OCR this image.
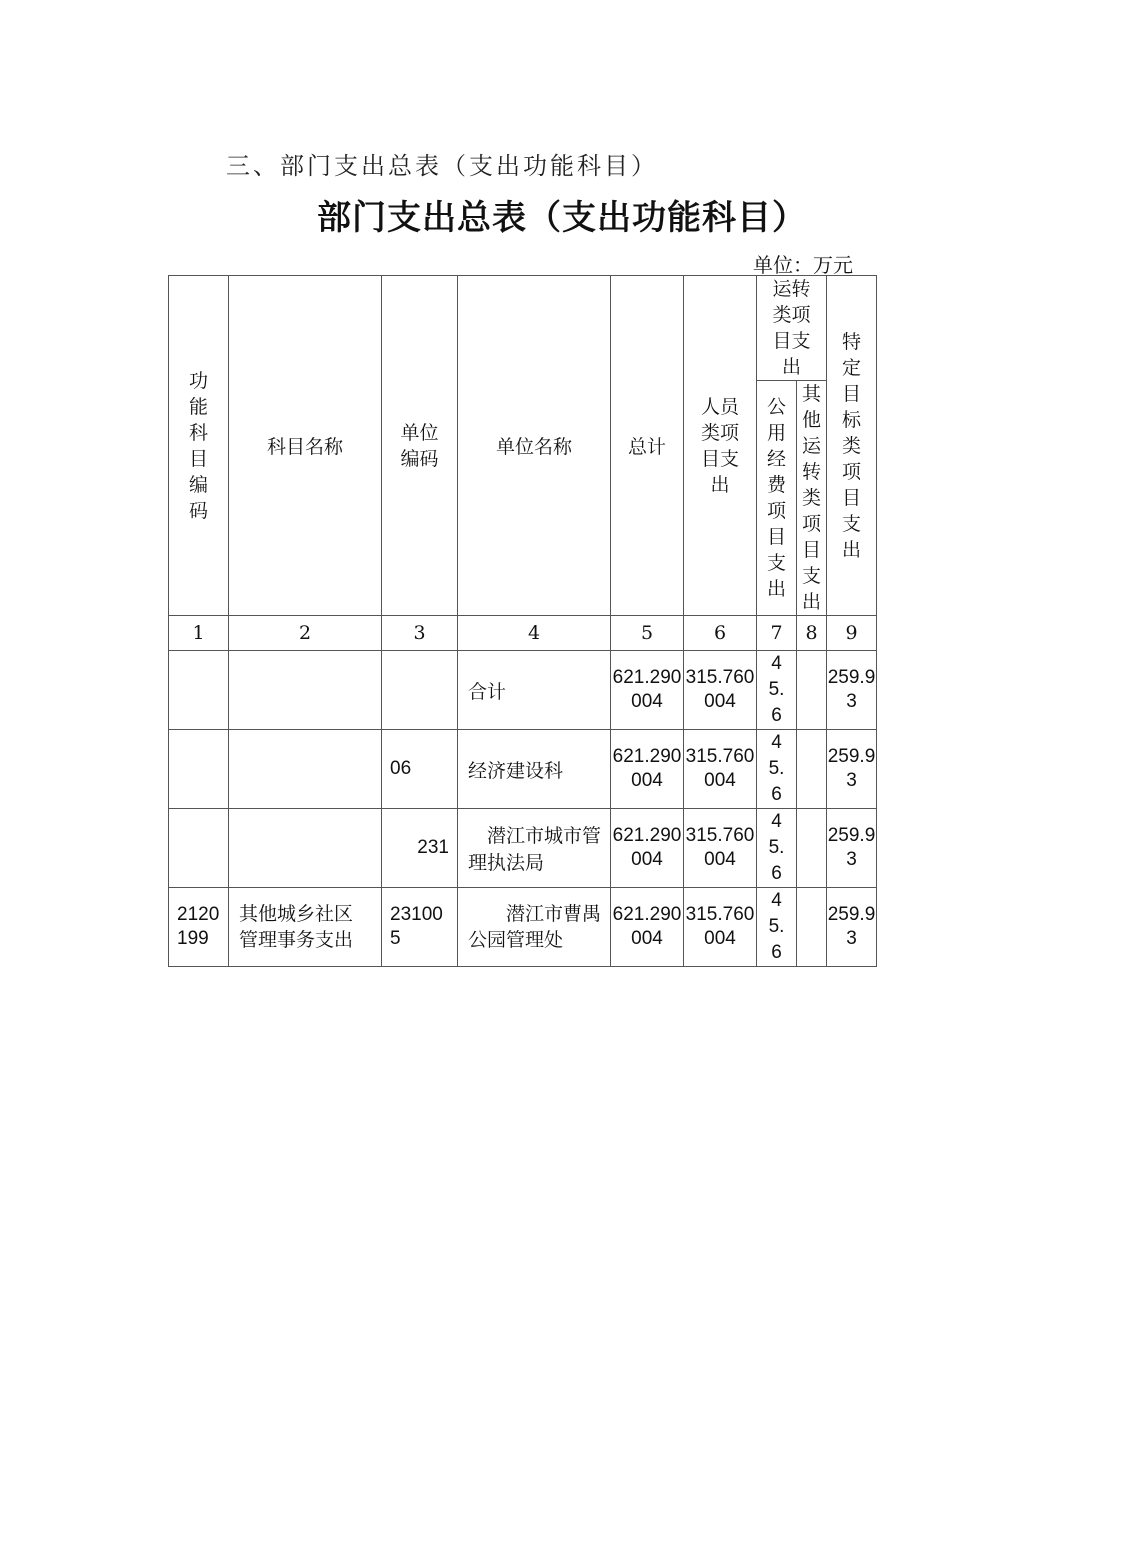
三、部门支出总表（支出功能科目）
部门支出总表（支出功能科目）
单位：万元
功能科目编码	科目名称	单位编码	单位名称	总计	人员类项目支出	运转类项目支出		特定目标类项目支出
						公用经费项目支出	其他运转类项目支出	
1	2	3	4	5	6	7	8	9
			合计	621.290004	315.760004	45.6		259.93
		06	经济建设科	621.290004	315.760004	45.6		259.93
		231	潜江市城市管理执法局	621.290004	315.760004	45.6		259.93
2120199	其他城乡社区管理事务支出	231005	潜江市曹禺公园管理处	621.290004	315.760004	45.6		259.93
